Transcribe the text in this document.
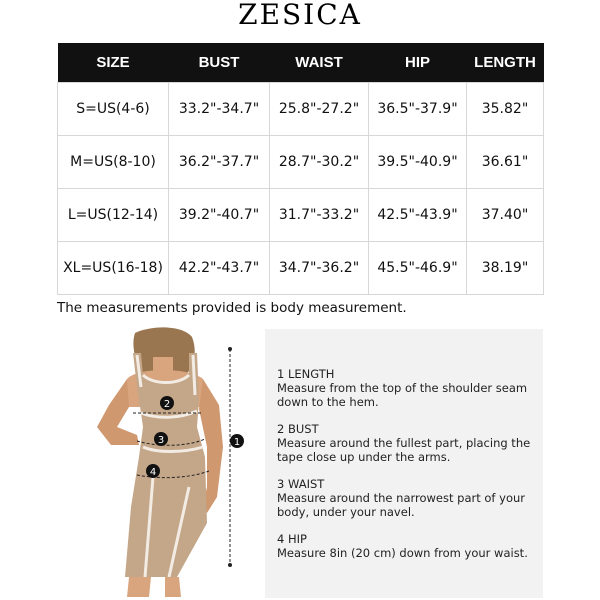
ZESICA
SIZE	BUST	WAIST	HIP	LENGTH
S=US(4-6)	33.2"-34.7"	25.8"-27.2"	36.5"-37.9"	35.82"
M=US(8-10)	36.2"-37.7"	28.7"-30.2"	39.5"-40.9"	36.61"
L=US(12-14)	39.2"-40.7"	31.7"-33.2"	42.5"-43.9"	37.40"
XL=US(16-18)	42.2"-43.7"	34.7"-36.2"	45.5"-46.9"	38.19"
The measurements provided is body measurement.
1
2
3
4
1 LENGTH
Measure from the top of the shoulder seam down to the hem.
2 BUST
Measure around the fullest part, placing the tape close up under the arms.
3 WAIST
Measure around the narrowest part of your body, under your navel.
4 HIP
Measure 8in (20 cm) down from your waist.
